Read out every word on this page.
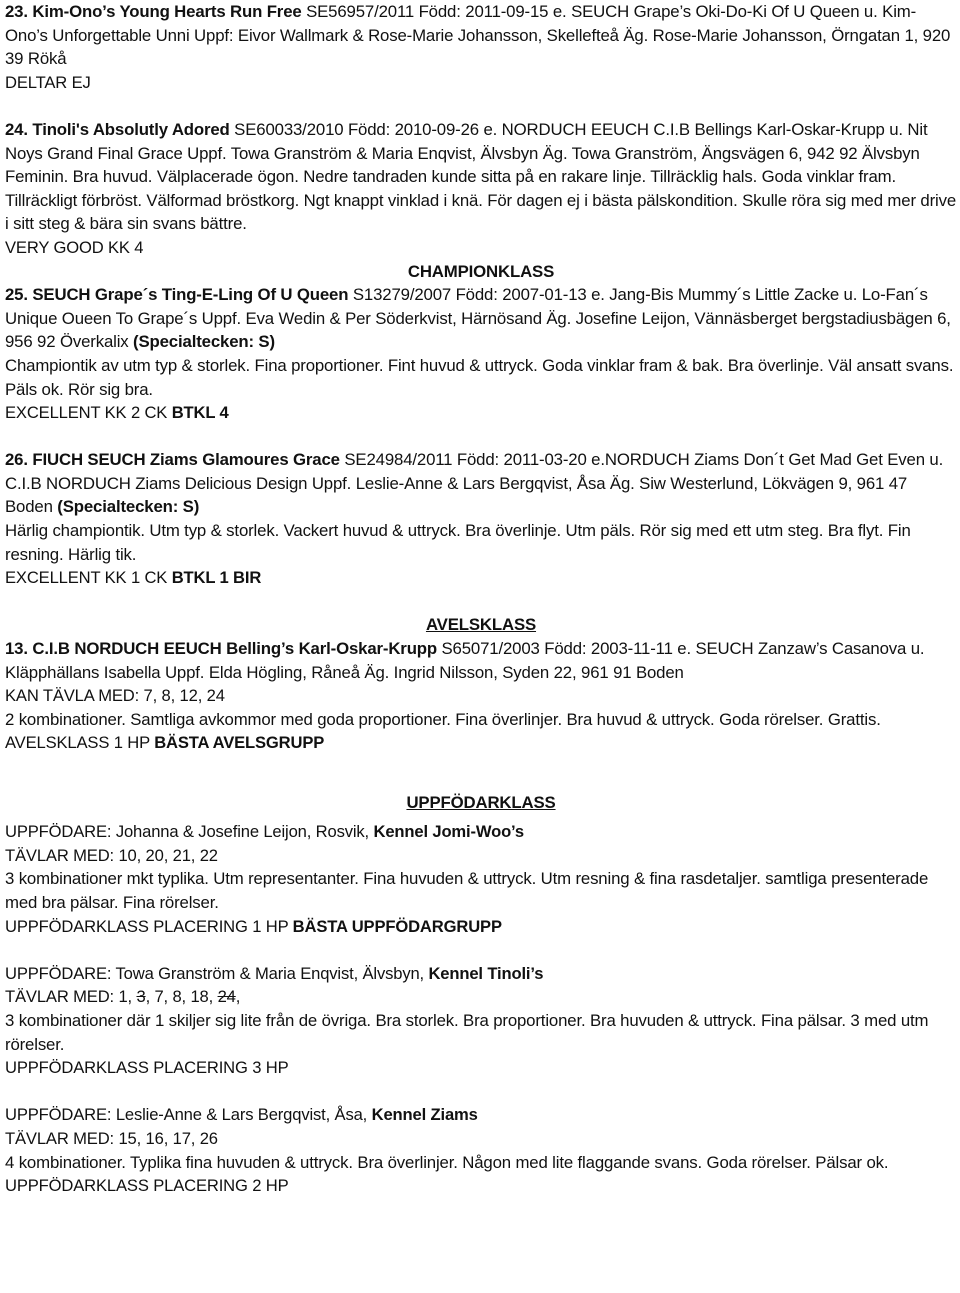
23. Kim-Ono’s Young Hearts Run Free SE56957/2011 Född: 2011-09-15 e. SEUCH Grape’s Oki-Do-Ki Of U Queen u. Kim-Ono’s Unforgettable Unni Uppf: Eivor Wallmark & Rose-Marie Johansson, Skellefteå Äg. Rose-Marie Johansson, Örngatan 1, 920 39 Rökå

DELTAR EJ

24. Tinoli's Absolutly Adored SE60033/2010 Född: 2010-09-26 e. NORDUCH EEUCH C.I.B Bellings Karl-Oskar-Krupp u. Nit Noys Grand Final Grace Uppf. Towa Granström & Maria Enqvist, Älvsbyn Äg. Towa Granström, Ängsvägen 6, 942 92 Älvsbyn

Feminin. Bra huvud. Välplacerade ögon. Nedre tandraden kunde sitta på en rakare linje. Tillräcklig hals. Goda vinklar fram. Tillräckligt förbröst. Välformad bröstkorg. Ngt knappt vinklad i knä. För dagen ej i bästa pälskondition. Skulle röra sig med mer drive i sitt steg & bära sin svans bättre.

VERY GOOD KK 4

CHAMPIONKLASS

25. SEUCH Grape´s Ting-E-Ling Of U Queen S13279/2007 Född: 2007-01-13 e. Jang-Bis Mummy´s Little Zacke u. Lo-Fan´s Unique Oueen To Grape´s Uppf. Eva Wedin & Per Söderkvist, Härnösand Äg. Josefine Leijon, Vännäsberget bergstadiusbägen 6, 956 92 Överkalix (Specialtecken: S)

Championtik av utm typ & storlek. Fina proportioner. Fint huvud & uttryck. Goda vinklar fram & bak. Bra överlinje. Väl ansatt svans. Päls ok. Rör sig bra.

EXCELLENT KK 2 CK BTKL 4

26. FIUCH SEUCH Ziams Glamoures Grace SE24984/2011 Född: 2011-03-20 e.NORDUCH Ziams Don´t Get Mad Get Even u. C.I.B NORDUCH Ziams Delicious Design Uppf. Leslie-Anne & Lars Bergqvist, Åsa Äg. Siw Westerlund, Lökvägen 9, 961 47 Boden (Specialtecken: S)

Härlig championtik. Utm typ & storlek. Vackert huvud & uttryck. Bra överlinje. Utm päls. Rör sig med ett utm steg. Bra flyt. Fin resning. Härlig tik.

EXCELLENT KK 1 CK BTKL 1 BIR

AVELSKLASS

13. C.I.B NORDUCH EEUCH Belling’s Karl-Oskar-Krupp S65071/2003 Född: 2003-11-11 e. SEUCH Zanzaw’s Casanova u. Kläpphällans Isabella Uppf. Elda Högling, Råneå Äg. Ingrid Nilsson, Syden 22, 961 91 Boden

KAN TÄVLA MED: 7, 8, 12, 24

2 kombinationer. Samtliga avkommor med goda proportioner. Fina överlinjer. Bra huvud & uttryck. Goda rörelser. Grattis.

AVELSKLASS 1 HP BÄSTA AVELSGRUPP

UPPFÖDARKLASS

UPPFÖDARE: Johanna & Josefine Leijon, Rosvik, Kennel Jomi-Woo’s

TÄVLAR MED: 10, 20, 21, 22

3 kombinationer mkt typlika. Utm representanter. Fina huvuden & uttryck. Utm resning & fina rasdetaljer. samtliga presenterade med bra pälsar. Fina rörelser.

UPPFÖDARKLASS PLACERING 1 HP BÄSTA UPPFÖDARGRUPP

UPPFÖDARE: Towa Granström & Maria Enqvist, Älvsbyn, Kennel Tinoli’s

TÄVLAR MED: 1, 3, 7, 8, 18, 24,

3 kombinationer där 1 skiljer sig lite från de övriga. Bra storlek. Bra proportioner. Bra huvuden & uttryck. Fina pälsar. 3 med utm rörelser.

UPPFÖDARKLASS PLACERING 3 HP

UPPFÖDARE: Leslie-Anne & Lars Bergqvist, Åsa, Kennel Ziams

TÄVLAR MED: 15, 16, 17, 26

4 kombinationer. Typlika fina huvuden & uttryck. Bra överlinjer. Någon med lite flaggande svans. Goda rörelser. Pälsar ok.

UPPFÖDARKLASS PLACERING 2 HP
